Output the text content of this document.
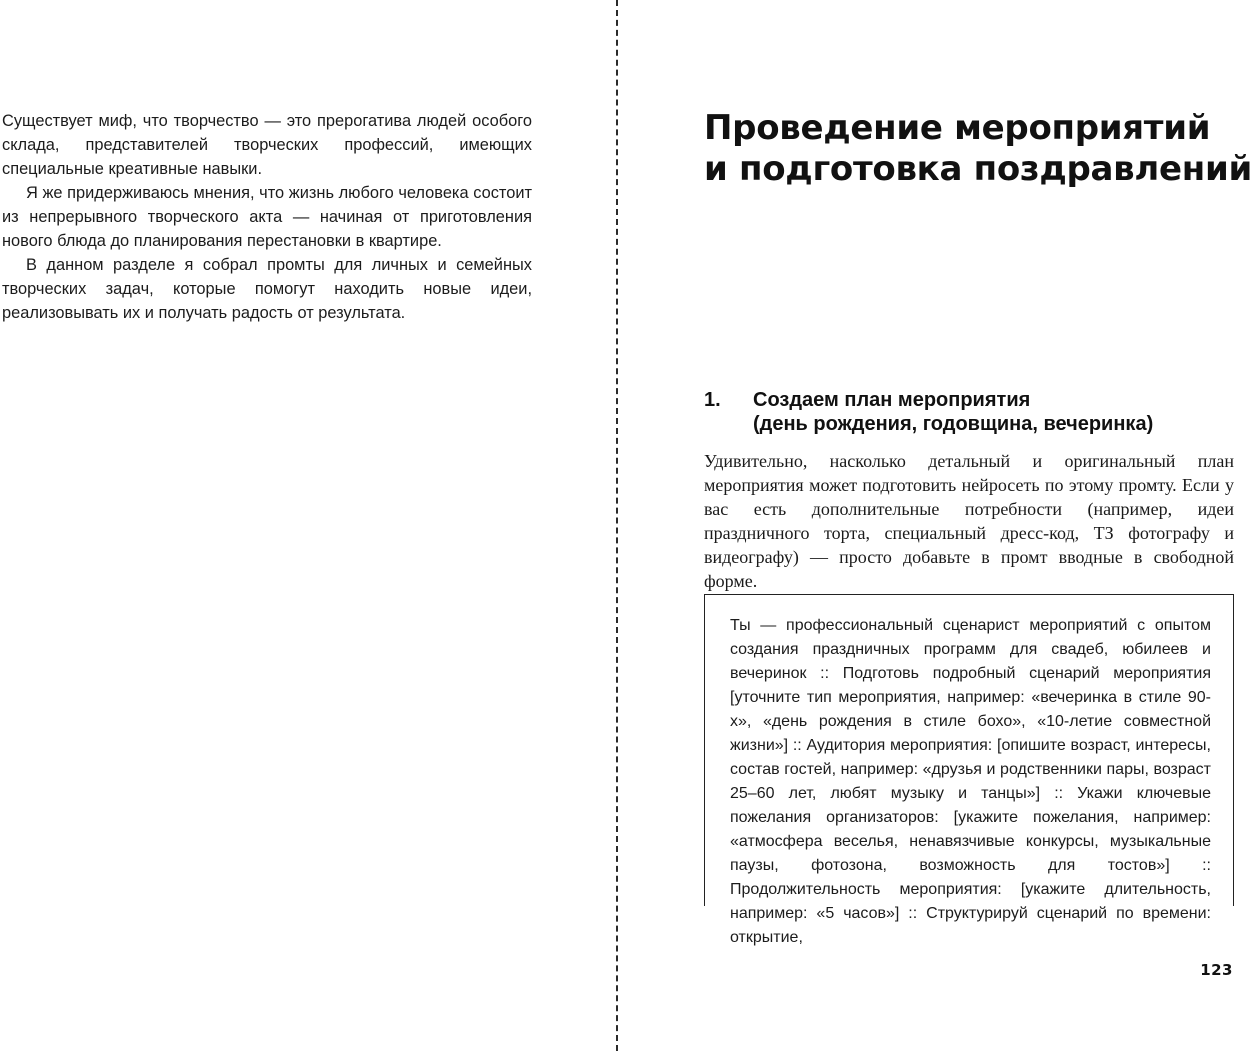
Существует миф, что творчество — это прерогатива людей особого склада, представителей творческих профессий, имеющих специальные креативные навыки.

Я же придерживаюсь мнения, что жизнь любого человека состоит из непрерывного творческого акта — начиная от приготовления нового блюда до планирования перестановки в квартире.

В данном разделе я собрал промты для личных и семейных творческих задач, которые помогут находить новые идеи, реализовывать их и получать радость от результата.

Проведение мероприятий
и подготовка поздравлений
1. Создаем план мероприятия
(день рождения, годовщина, вечеринка)

Удивительно, насколько детальный и оригинальный план мероприятия может подготовить нейросеть по этому промту. Если у вас есть дополнительные потребности (например, идеи праздничного торта, специальный дресс-код, ТЗ фотографу и видеографу) — просто добавьте в промт вводные в свободной форме.

Ты — профессиональный сценарист мероприятий с опытом создания праздничных программ для свадеб, юбилеев и вечеринок :: Подготовь подробный сценарий мероприятия [уточните тип мероприятия, например: «вечеринка в стиле 90-х», «день рождения в стиле бохо», «10-летие совместной жизни»] :: Аудитория мероприятия: [опишите возраст, интересы, состав гостей, например: «друзья и родственники пары, возраст 25–60 лет, любят музыку и танцы»] :: Укажи ключевые пожелания организаторов: [укажите пожелания, например: «атмосфера веселья, ненавязчивые конкурсы, музыкальные паузы, фотозона, возможность для тостов»] :: Продолжительность мероприятия: [укажите длительность, например: «5 часов»] :: Структурируй сценарий по времени: открытие,

123
